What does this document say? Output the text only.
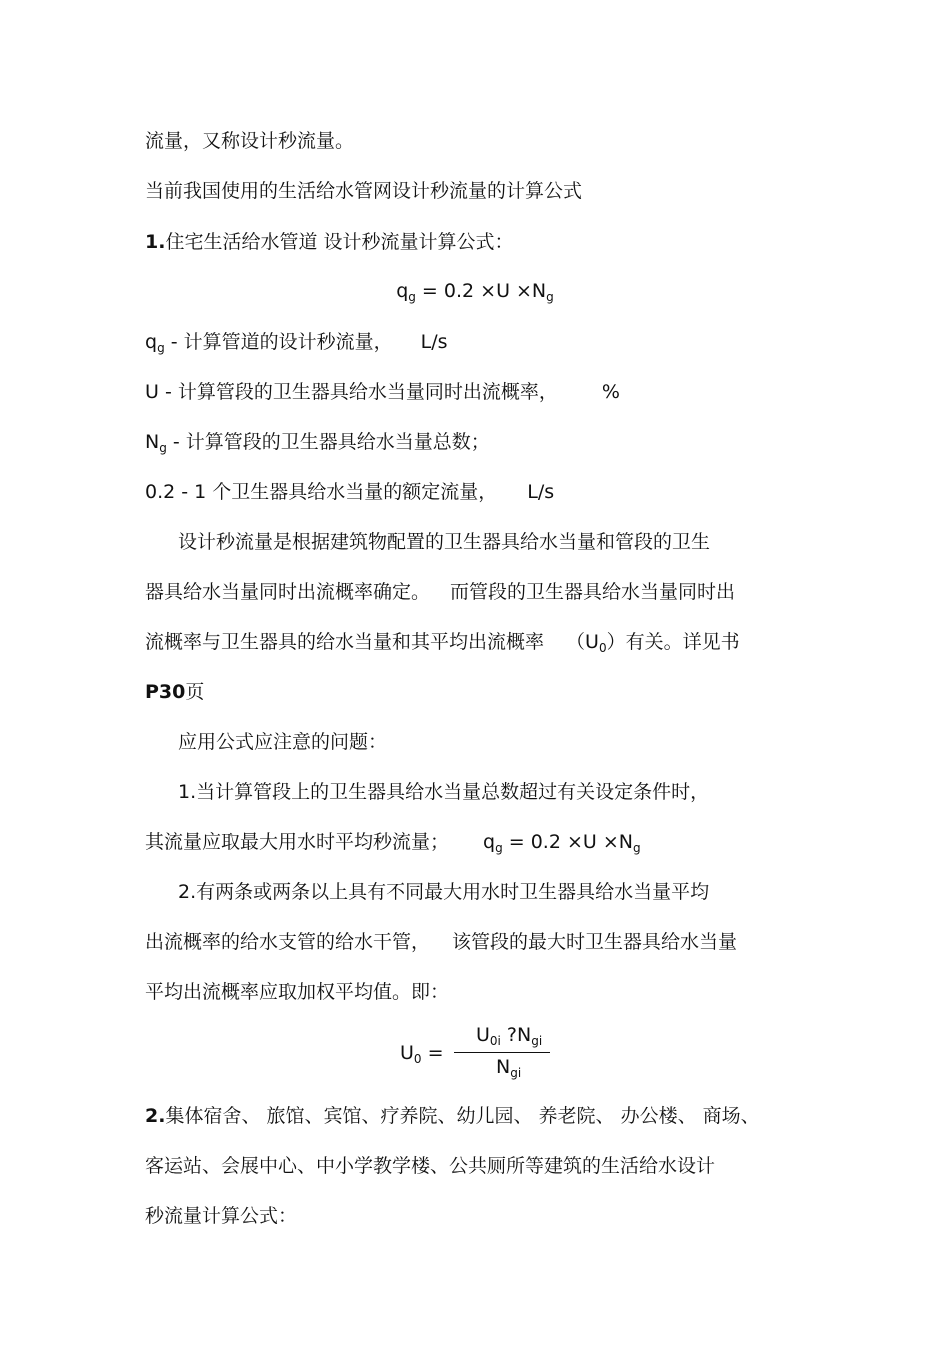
流量，又称设计秒流量。

当前我国使用的生活给水管网设计秒流量的计算公式

1.住宅生活给水管道 设计秒流量计算公式：

$q_g = 0.2 \times U \times N_g$

$q_g$ - 计算管道的设计秒流量， L/s

U - 计算管段的卫生器具给水当量同时出流概率， %

$N_g$ - 计算管段的卫生器具给水当量总数；

0.2 - 1 个卫生器具给水当量的额定流量， L/s

设计秒流量是根据建筑物配置的卫生器具给水当量和管段的卫生

器具给水当量同时出流概率确定。 而管段的卫生器具给水当量同时出

流概率与卫生器具的给水当量和其平均出流概率 $(U_0)$有关。详见书

P30页

应用公式应注意的问题：

1.当计算管段上的卫生器具给水当量总数超过有关设定条件时，

其流量应取最大用水时平均秒流量； $q_g = 0.2 \times U \times N_g$

2.有两条或两条以上具有不同最大用水时卫生器具给水当量平均

出流概率的给水支管的给水干管， 该管段的最大时卫生器具给水当量

平均出流概率应取加权平均值。即：

$U_0$ =
$U_{0i}$ $?N_{gi}$
$N_{gi}$

2.集体宿舍、 旅馆、宾馆、疗养院、幼儿园、 养老院、 办公楼、 商场、

客运站、会展中心、中小学教学楼、公共厕所等建筑的生活给水设计

秒流量计算公式：
